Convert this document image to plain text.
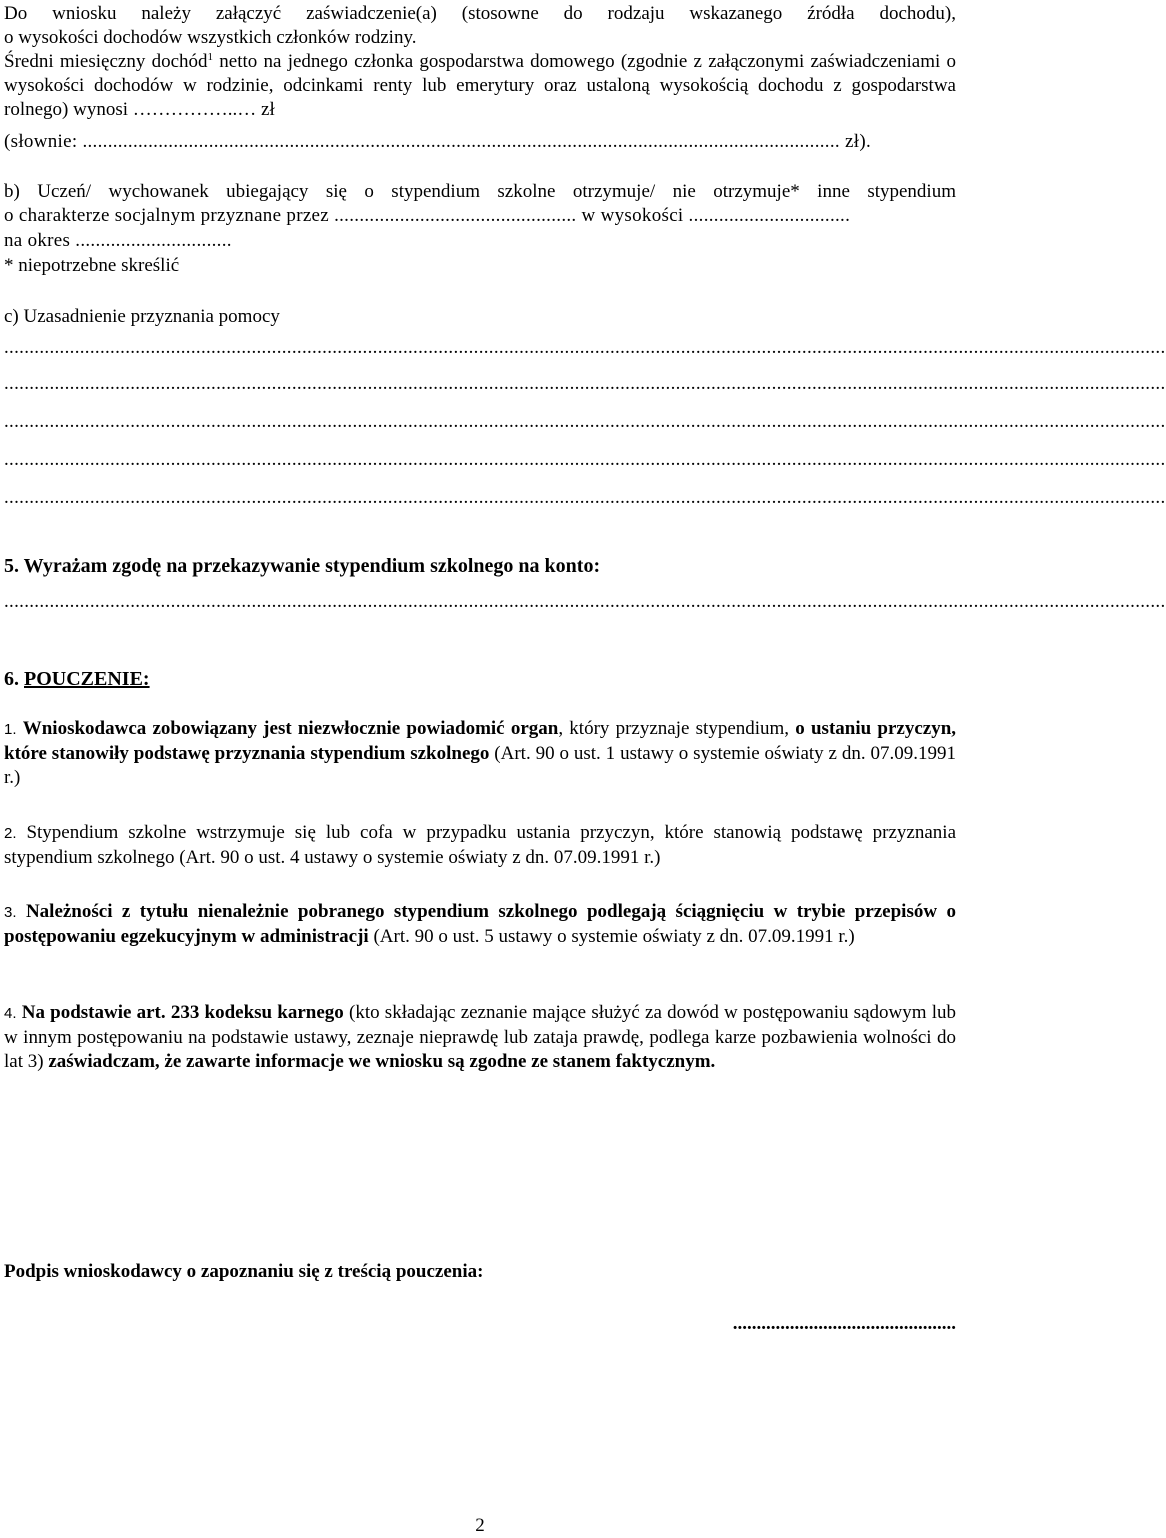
Do wniosku należy załączyć zaświadczenie(a) (stosowne do rodzaju wskazanego źródła dochodu),
o wysokości dochodów wszystkich członków rodziny.
Średni miesięczny dochód$^1$ netto na jednego członka gospodarstwa domowego (zgodnie z załączonymi zaświadczeniami o wysokości dochodów w rodzinie, odcinkami renty lub emerytury oraz ustaloną wysokością dochodu z gospodarstwa rolnego) wynosi ……………..… zł
(słownie: ...................................................................................................................................................... zł).
b) Uczeń/ wychowanek ubiegający się o stypendium szkolne otrzymuje/ nie otrzymuje* inne stypendium
o charakterze socjalnym przyznane przez ................................................ w wysokości ................................
na okres ...............................
* niepotrzebne skreślić
c) Uzasadnienie przyznania pomocy
......................................................................................................................................................................................................................................
......................................................................................................................................................................................................................................
......................................................................................................................................................................................................................................
......................................................................................................................................................................................................................................
......................................................................................................................................................................................................................................
5. Wyrażam zgodę na przekazywanie stypendium szkolnego na konto:
......................................................................................................................................................................................................................................
6. POUCZENIE:
1. Wnioskodawca zobowiązany jest niezwłocznie powiadomić organ, który przyznaje stypendium, o ustaniu przyczyn, które stanowiły podstawę przyznania stypendium szkolnego (Art. 90 o ust. 1 ustawy o systemie oświaty z dn. 07.09.1991 r.)
2. Stypendium szkolne wstrzymuje się lub cofa w przypadku ustania przyczyn, które stanowią podstawę przyznania stypendium szkolnego (Art. 90 o ust. 4 ustawy o systemie oświaty z dn. 07.09.1991 r.)
3. Należności z tytułu nienależnie pobranego stypendium szkolnego podlegają ściągnięciu w trybie przepisów o postępowaniu egzekucyjnym w administracji (Art. 90 o ust. 5 ustawy o systemie oświaty z dn. 07.09.1991 r.)
4. Na podstawie art. 233 kodeksu karnego (kto składając zeznanie mające służyć za dowód w postępowaniu sądowym lub w innym postępowaniu na podstawie ustawy, zeznaje nieprawdę lub zataja prawdę, podlega karze pozbawienia wolności do lat 3) zaświadczam, że zawarte informacje we wniosku są zgodne ze stanem faktycznym.
Podpis wnioskodawcy o zapoznaniu się z treścią pouczenia:
...............................................
2
